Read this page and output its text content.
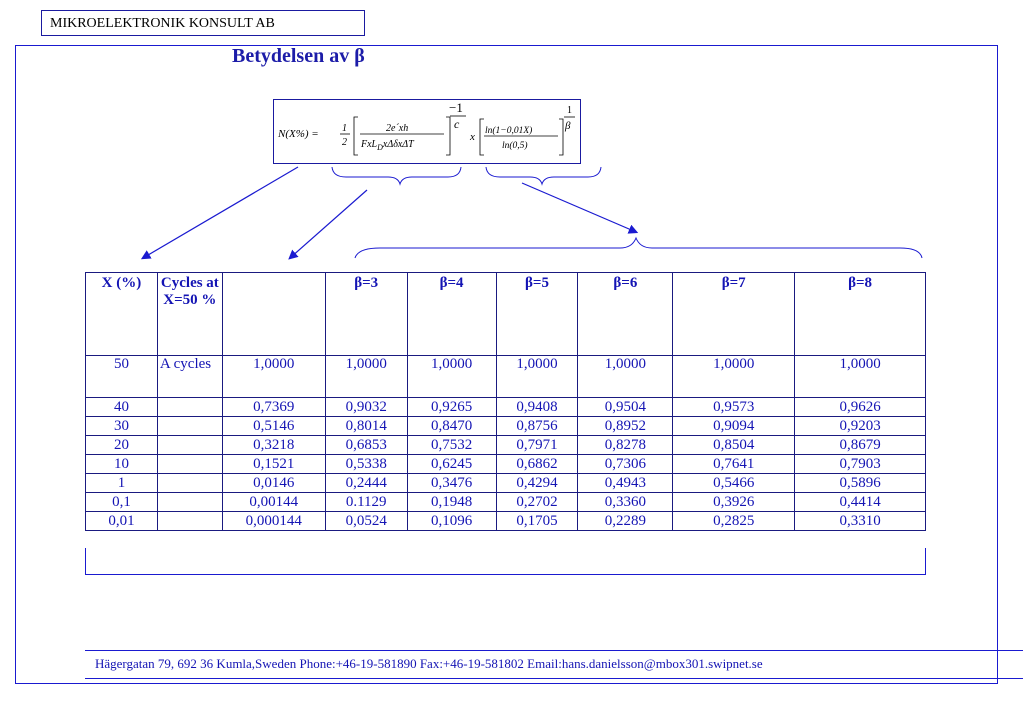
MIKROELEKTRONIK KONSULT AB
Betydelsen av β
N(X%) = 1
2
2e´xh
FxL$_D$xΔδxΔT
−1
c
x ln(1−0,01X)
ln(0,5)
1
β
X (%)	Cycles at X=50 %		β=3	β=4	β=5	β=6	β=7	β=8
50	A cycles	1,0000	1,0000	1,0000	1,0000	1,0000	1,0000	1,0000
40		0,7369	0,9032	0,9265	0,9408	0,9504	0,9573	0,9626
30		0,5146	0,8014	0,8470	0,8756	0,8952	0,9094	0,9203
20		0,3218	0,6853	0,7532	0,7971	0,8278	0,8504	0,8679
10		0,1521	0,5338	0,6245	0,6862	0,7306	0,7641	0,7903
1		0,0146	0,2444	0,3476	0,4294	0,4943	0,5466	0,5896
0,1		0,00144	0.1129	0,1948	0,2702	0,3360	0,3926	0,4414
0,01		0,000144	0,0524	0,1096	0,1705	0,2289	0,2825	0,3310
Hägergatan 79, 692 36 Kumla,Sweden Phone:+46-19-581890 Fax:+46-19-581802 Email:hans.danielsson@mbox301.swipnet.se
